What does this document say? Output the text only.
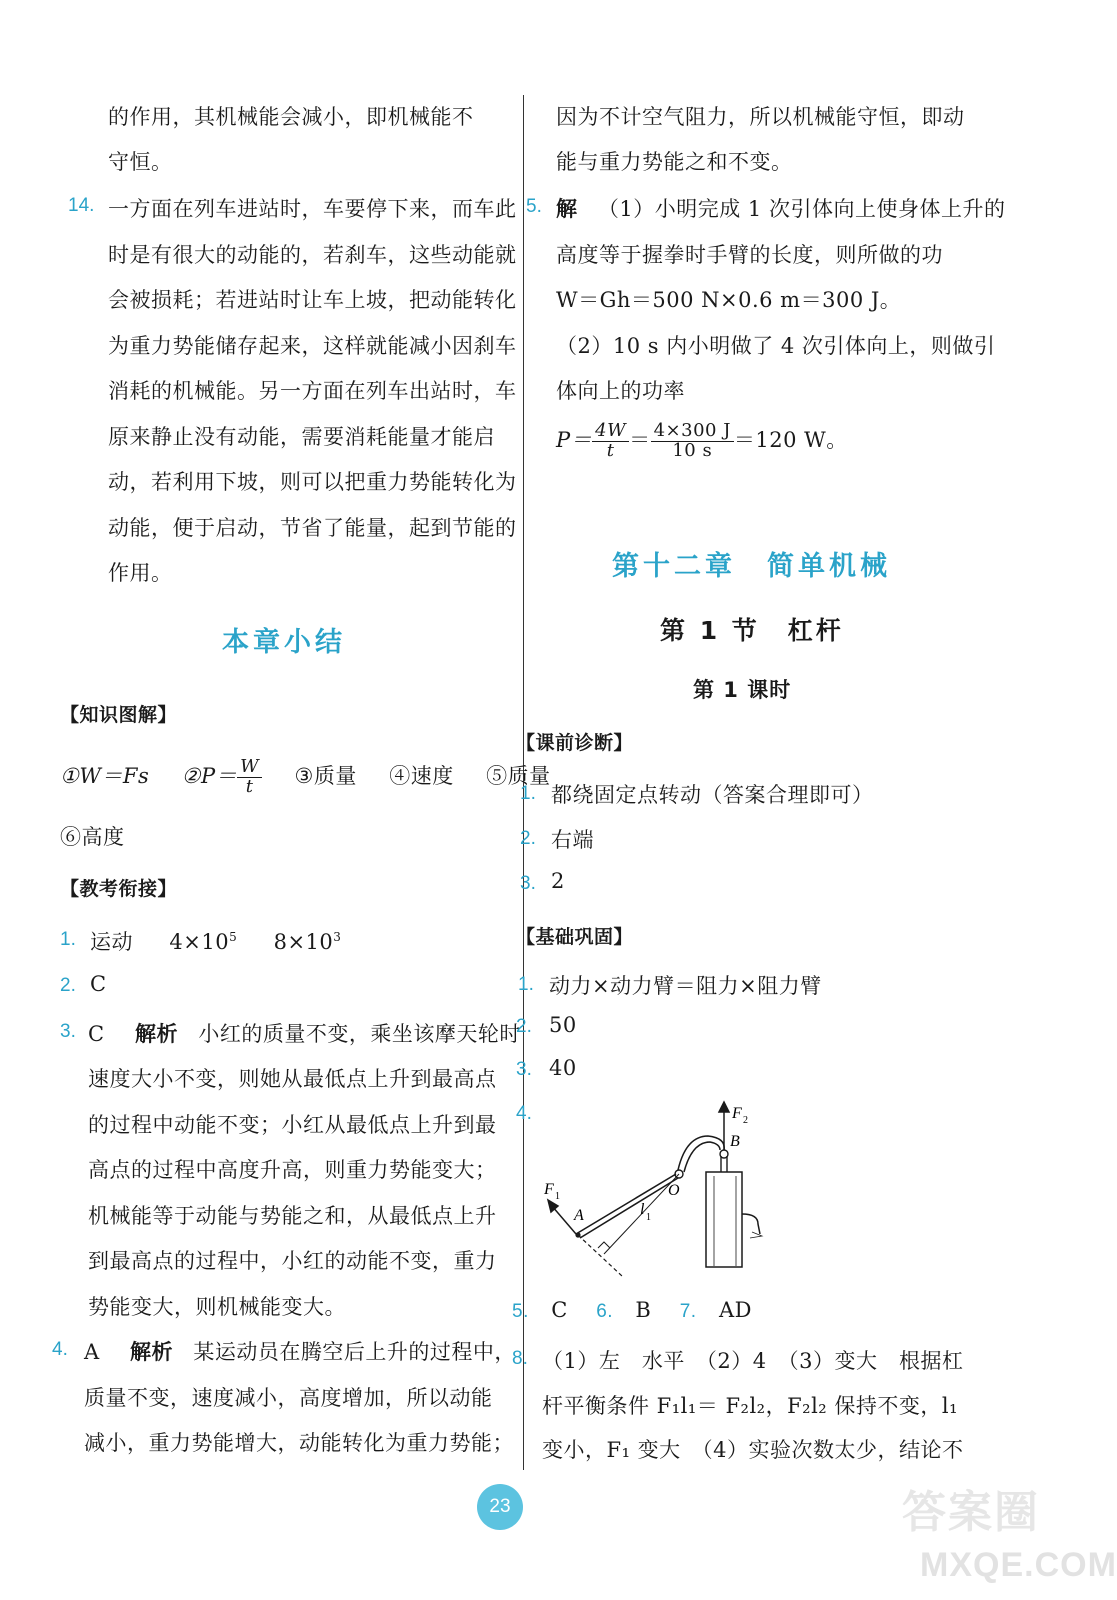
的作用，其机械能会减小，即机械能不
守恒。
14. 一方面在列车进站时，车要停下来，而车此
时是有很大的动能的，若刹车，这些动能就
会被损耗；若进站时让车上坡，把动能转化
为重力势能储存起来，这样就能减小因刹车
消耗的机械能。另一方面在列车出站时，车
原来静止没有动能，需要消耗能量才能启
动，若利用下坡，则可以把重力势能转化为
动能，便于启动，节省了能量，起到节能的
作用。
本章小结
【知识图解】
①W＝Fs ②P＝ $\frac{W}{t}$ ③质量 ④速度 ⑤质量
⑥高度
【教考衔接】
1. 运动 $4\times 10^5$ $8\times 10^3$
2. C
3. C 解析 小红的质量不变，乘坐该摩天轮时
速度大小不变，则她从最低点上升到最高点
的过程中动能不变；小红从最低点上升到最
高点的过程中高度升高，则重力势能变大；
机械能等于动能与势能之和，从最低点上升
到最高点的过程中，小红的动能不变，重力
势能变大，则机械能变大。
4. A 解析 某运动员在腾空后上升的过程中，
质量不变，速度减小，高度增加，所以动能
减小，重力势能增大，动能转化为重力势能；
因为不计空气阻力，所以机械能守恒，即动
能与重力势能之和不变。
5. 解 （1）小明完成 1 次引体向上使身体上升的
高度等于握拳时手臂的长度，则所做的功
W＝Gh＝500 N×0.6 m＝300 J。
（2）10 s 内小明做了 4 次引体向上，则做引
体向上的功率
$P= \frac{4W}{t} = \frac{4\times 300 J}{10 s} =120$ W。
第十二章　简单机械
第 1 节　杠杆
第 1 课时
【课前诊断】
1. 都绕固定点转动（答案合理即可）
2. 右端
3. 2
【基础巩固】
1. 动力×动力臂＝阻力×阻力臂
2. 50
3. 40
4.	F 2
B
O
F 1
A	l 1
5. C 6. B 7. AD
8. （1）左　水平　（2）4　（3）变大　根据杠
杆平衡条件 F₁l₁＝ F₂l₂，F₂l₂ 保持不变，l₁
变小，F₁ 变大　（4）实验次数太少，结论不
23	答案圈
MXQE.COM
